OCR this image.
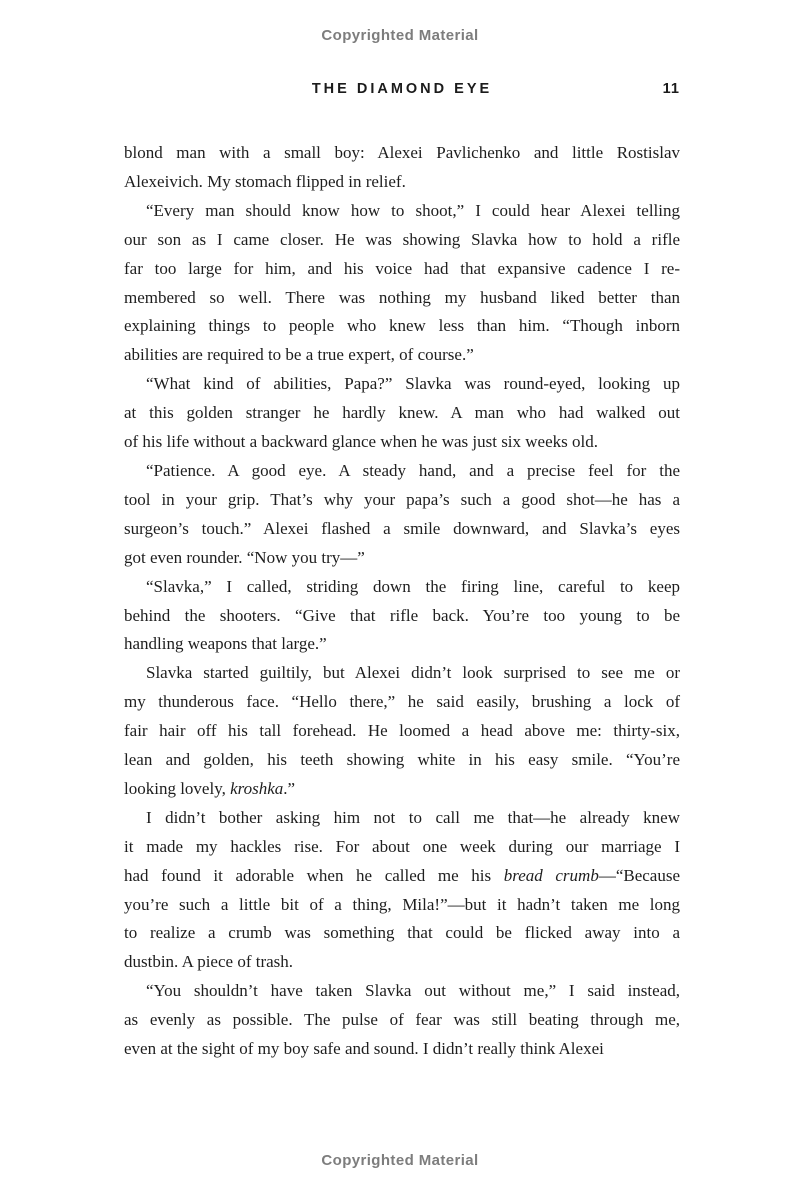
Copyrighted Material
THE DIAMOND EYE	11
blond man with a small boy: Alexei Pavlichenko and little Rostislav
Alexeivich. My stomach flipped in relief.
“Every man should know how to shoot,” I could hear Alexei telling
our son as I came closer. He was showing Slavka how to hold a rifle
far too large for him, and his voice had that expansive cadence I re-
membered so well. There was nothing my husband liked better than
explaining things to people who knew less than him. “Though inborn
abilities are required to be a true expert, of course.”
“What kind of abilities, Papa?” Slavka was round-eyed, looking up
at this golden stranger he hardly knew. A man who had walked out
of his life without a backward glance when he was just six weeks old.
“Patience. A good eye. A steady hand, and a precise feel for the
tool in your grip. That’s why your papa’s such a good shot—he has a
surgeon’s touch.” Alexei flashed a smile downward, and Slavka’s eyes
got even rounder. “Now you try—”
“Slavka,” I called, striding down the firing line, careful to keep
behind the shooters. “Give that rifle back. You’re too young to be
handling weapons that large.”
Slavka started guiltily, but Alexei didn’t look surprised to see me or
my thunderous face. “Hello there,” he said easily, brushing a lock of
fair hair off his tall forehead. He loomed a head above me: thirty-six,
lean and golden, his teeth showing white in his easy smile. “You’re
looking lovely, kroshka.”
I didn’t bother asking him not to call me that—he already knew
it made my hackles rise. For about one week during our marriage I
had found it adorable when he called me his bread crumb—“Because
you’re such a little bit of a thing, Mila!”—but it hadn’t taken me long
to realize a crumb was something that could be flicked away into a
dustbin. A piece of trash.
“You shouldn’t have taken Slavka out without me,” I said instead,
as evenly as possible. The pulse of fear was still beating through me,
even at the sight of my boy safe and sound. I didn’t really think Alexei
Copyrighted Material
